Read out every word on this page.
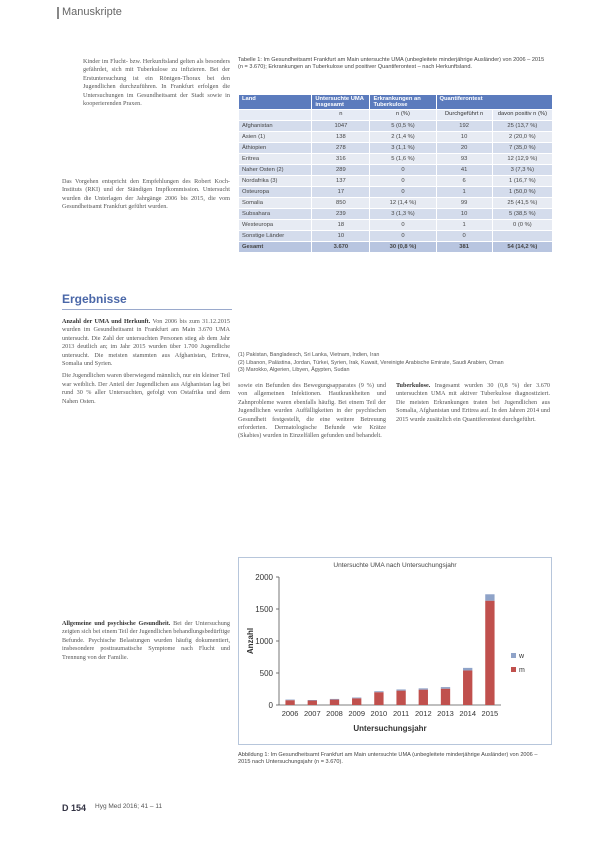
Manuskripte

Kinder im Flucht- bzw. Herkunftsland gelten als besonders gefährdet, sich mit Tuberkulose zu infizieren. Bei der Erstuntersuchung ist ein Röntgen-Thorax bei den Jugendlichen durchzuführen. In Frankfurt erfolgen die Untersuchungen im Gesundheitsamt der Stadt sowie in kooperierenden Praxen.

Das Vorgehen entspricht den Empfehlungen des Robert Koch-Instituts (RKI) und der Ständigen Impfkommission. Untersucht wurden die Unterlagen der Jahrgänge 2006 bis 2015, die vom Gesundheitsamt Frankfurt geführt wurden.

Ergebnisse

Anzahl der UMA und Herkunft. Von 2006 bis zum 31.12.2015 wurden im Gesundheitsamt in Frankfurt am Main 3.670 UMA untersucht. Die Zahl der untersuchten Personen stieg ab dem Jahr 2013 deutlich an; im Jahr 2015 wurden über 1.700 Jugendliche untersucht. Die meisten stammten aus Afghanistan, Eritrea, Somalia und Syrien.

Die Jugendlichen waren überwiegend männlich, nur ein kleiner Teil war weiblich. Der Anteil der Jugendlichen aus Afghanistan lag bei rund 30 % aller Untersuchten, gefolgt von Ostafrika und dem Nahen Osten.

Allgemeine und psychische Gesundheit. Bei der Untersuchung zeigten sich bei einem Teil der Jugendlichen behandlungsbedürftige Befunde. Psychische Belastungen wurden häufig dokumentiert, insbesondere posttraumatische Symptome nach Flucht und Trennung von der Familie.

Tabelle 1: Im Gesundheitsamt Frankfurt am Main untersuchte UMA (unbegleitete minderjährige Ausländer) von 2006 – 2015 (n = 3.670); Erkrankungen an Tuberkulose und positiver Quantiferontest – nach Herkunftsland.
Land	Untersuchte UMA insgesamt	Erkrankungen an Tuberkulose	Quantiferontest	
	n	n (%)	Durchgeführt n	davon positiv n (%)
Afghanistan	1047	5 (0,5 %)	192	25 (13,7 %)
Asien (1)	138	2 (1,4 %)	10	2 (20,0 %)
Äthiopien	278	3 (1,1 %)	20	7 (35,0 %)
Eritrea	316	5 (1,6 %)	93	12 (12,9 %)
Naher Osten (2)	289	0	41	3 (7,3 %)
Nordafrika (3)	137	0	6	1 (16,7 %)
Osteuropa	17	0	1	1 (50,0 %)
Somalia	850	12 (1,4 %)	99	25 (41,5 %)
Subsahara	239	3 (1,3 %)	10	5 (38,5 %)
Westeuropa	18	0	1	0 (0 %)
Sonstige Länder	10	0	0	
Gesamt	3.670	30 (0,8 %)	381	54 (14,2 %)
(1) Pakistan, Bangladesch, Sri Lanka, Vietnam, Indien, Iran
(2) Libanon, Palästina, Jordan, Türkei, Syrien, Irak, Kuwait, Vereinigte Arabische Emirate, Saudi Arabien, Oman
(3) Marokko, Algerien, Libyen, Ägypten, Sudan

sowie ein Befunden des Bewegungsapparates (9 %) und von allgemeinen Infektionen. Hautkrankheiten und Zahnprobleme waren ebenfalls häufig. Bei einem Teil der Jugendlichen wurden Auffälligkeiten in der psychischen Gesundheit festgestellt, die eine weitere Betreuung erforderten. Dermatologische Befunde wie Krätze (Skabies) wurden in Einzelfällen gefunden und behandelt.

Tuberkulose. Insgesamt wurden 30 (0,8 %) der 3.670 untersuchten UMA mit aktiver Tuberkulose diagnostiziert. Die meisten Erkrankungen traten bei Jugendlichen aus Somalia, Afghanistan und Eritrea auf. In den Jahren 2014 und 2015 wurde zusätzlich ein Quantiferontest durchgeführt.

Untersuchte UMA nach Untersuchungsjahr
0
500
1000
1500
2000
Anzahl
2006 2007 2008 2009 2010 2011 2012 2013 2014 2015
Untersuchungsjahr
w
m
Abbildung 1: Im Gesundheitsamt Frankfurt am Main untersuchte UMA (unbegleitete minderjährige Ausländer) von 2006 – 2015 nach Untersuchungsjahr (n = 3.670).
D 154 Hyg Med 2016; 41 – 11
